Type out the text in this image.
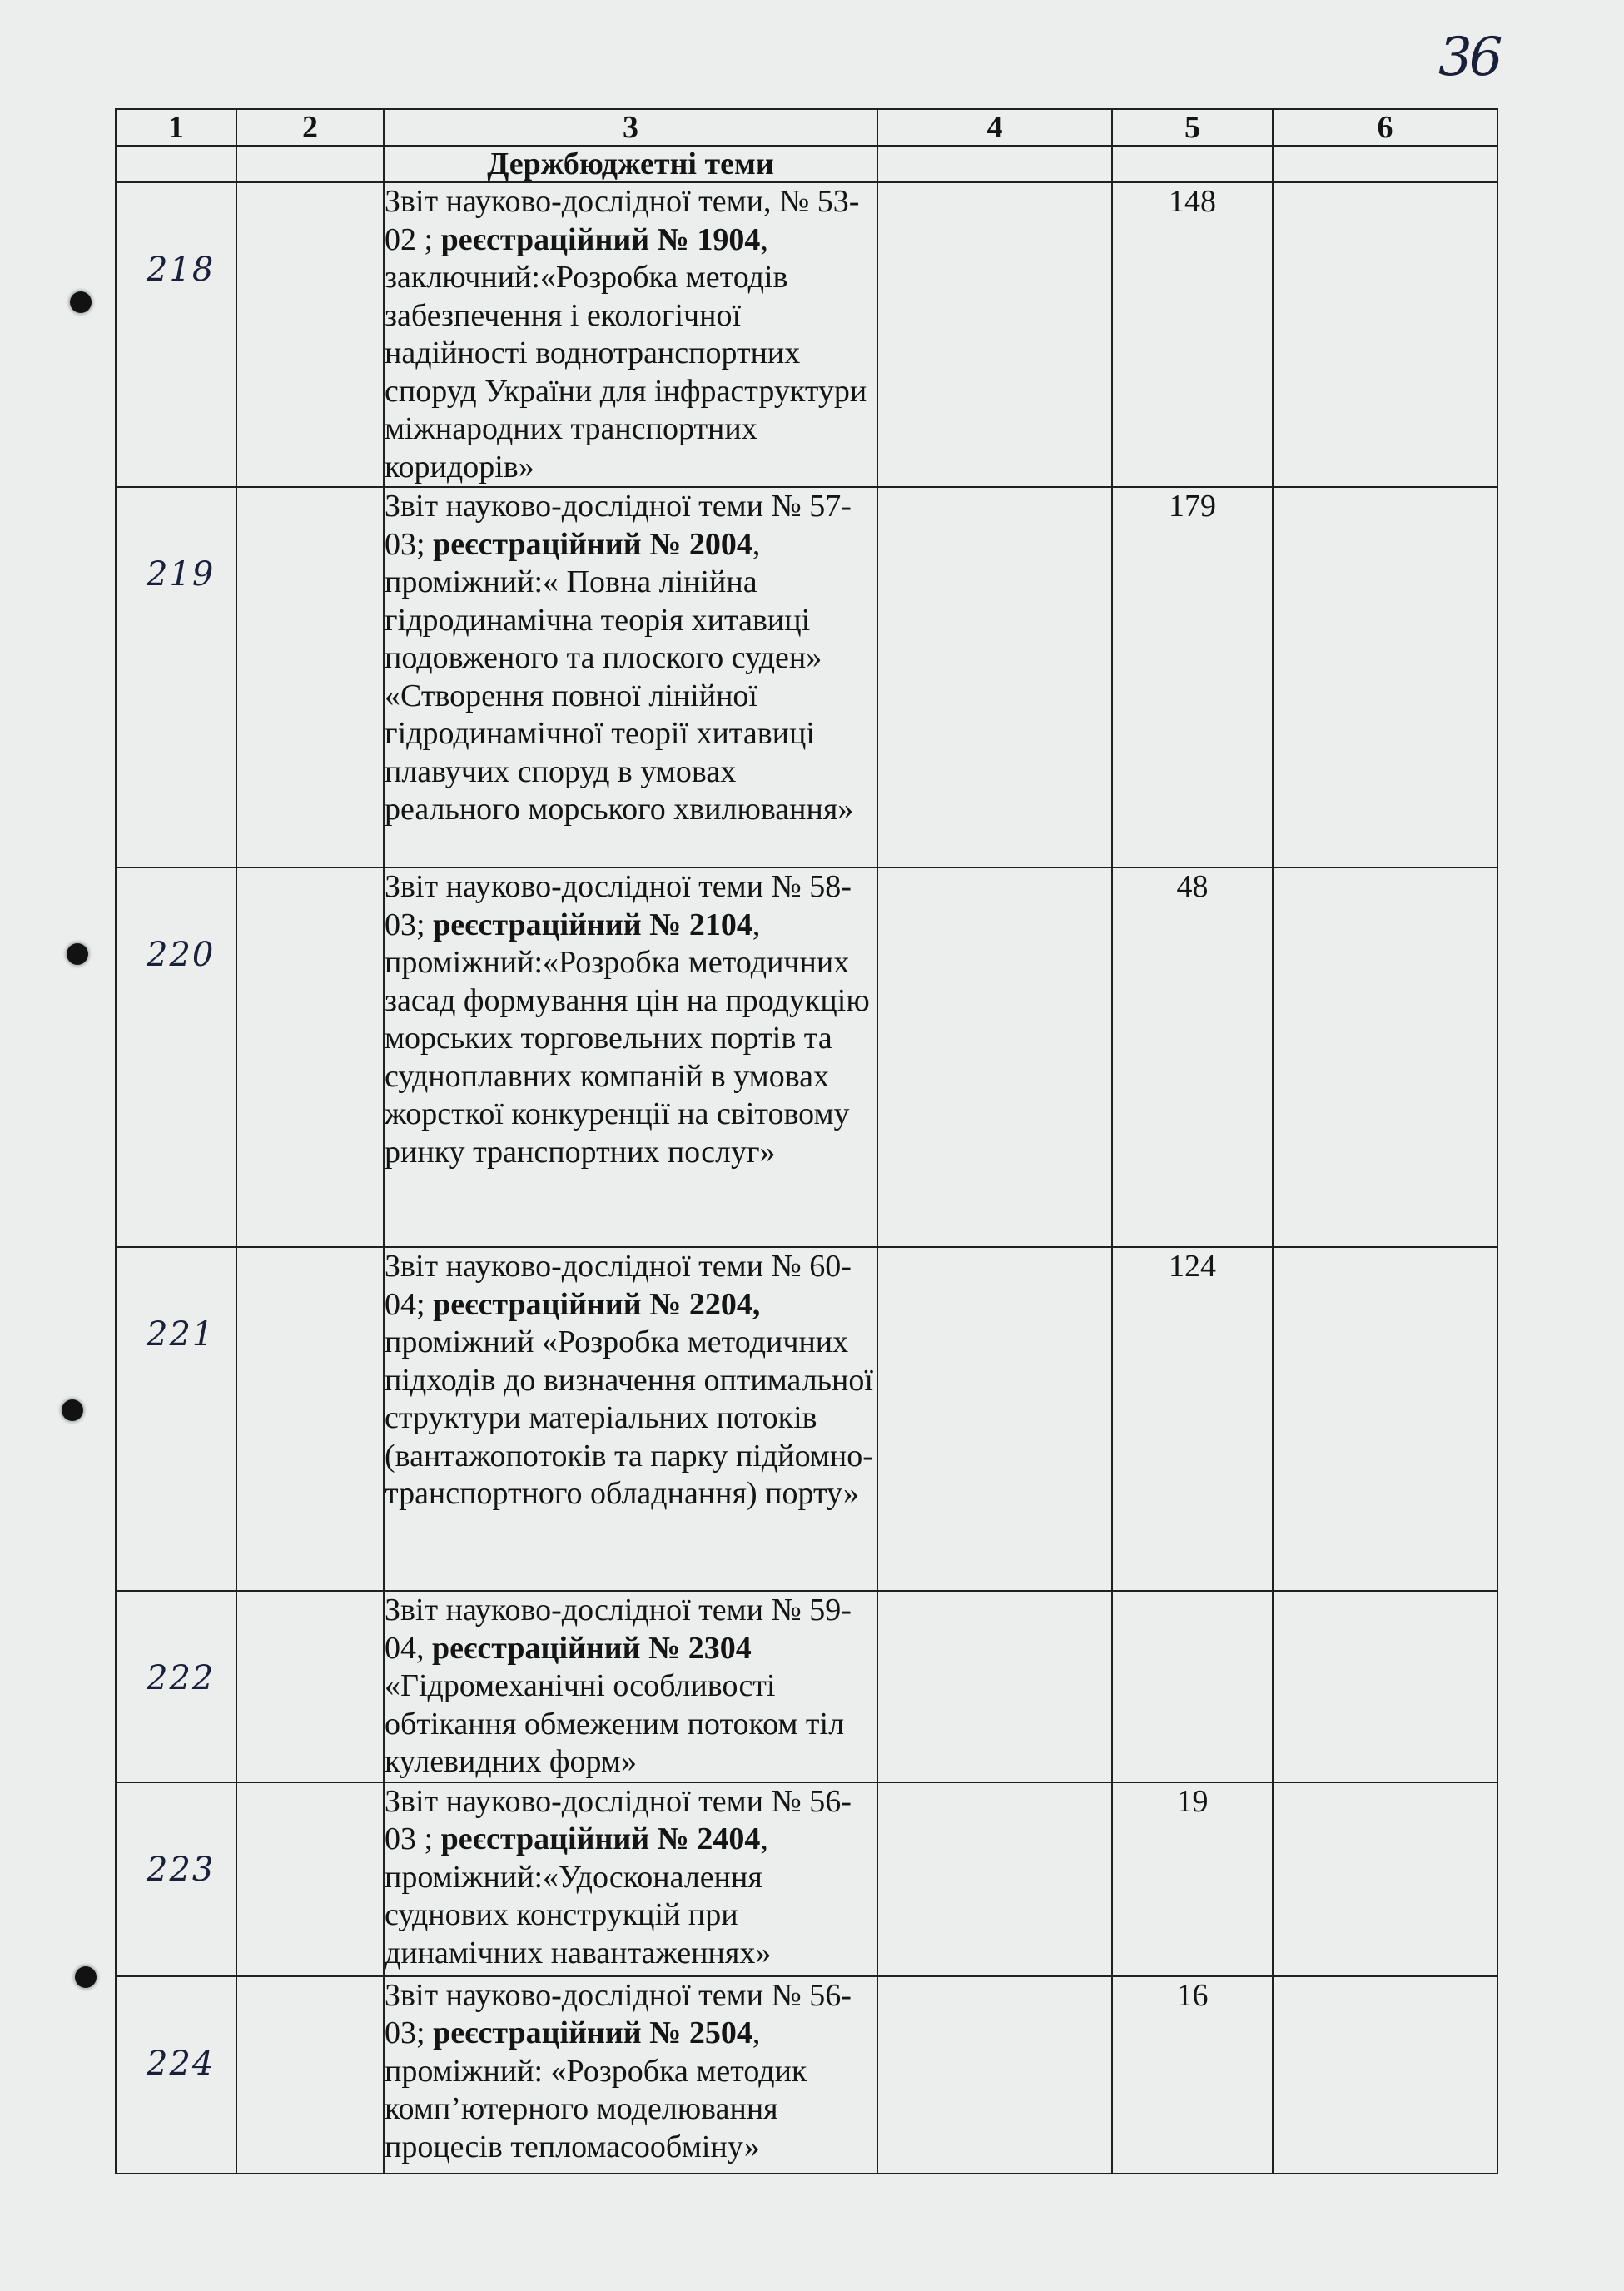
36
1	2	3	4	5	6
		Держбюджетні теми			

218		Звіт науково-дослідної теми, № 53-02 ; реєстраційний № 1904, заключний:«Розробка методів забезпечення і екологічної надійності воднотранспортних споруд України для інфраструктури міжнародних транспортних коридорів»		148	

219		Звіт науково-дослідної теми № 57-03; реєстраційний № 2004, проміжний:« Повна лінійна гідродинамічна теорія хитавиці подовженого та плоского суден» «Створення повної лінійної гідродинамічної теорії хитавиці плавучих споруд в умовах реального морського хвилювання»		179	

220		Звіт науково-дослідної теми № 58-03; реєстраційний № 2104, проміжний:«Розробка методичних засад формування цін на продукцію морських торговельних портів та судноплавних компаній в умовах жорсткої конкуренції на світовому ринку транспортних послуг»		48	

221		Звіт науково-дослідної теми № 60-04; реєстраційний № 2204, проміжний «Розробка методичних підходів до визначення оптимальної структури матеріальних потоків (вантажопотоків та парку підйомно-транспортного обладнання) порту»		124	

222		Звіт науково-дослідної теми № 59-04, реєстраційний № 2304 «Гідромеханічні особливості обтікання обмеженим потоком тіл кулевидних форм»			

223		Звіт науково-дослідної теми № 56-03 ; реєстраційний № 2404, проміжний:«Удосконалення суднових конструкцій при динамічних навантаженнях»		19	

224		Звіт науково-дослідної теми № 56-03; реєстраційний № 2504, проміжний: «Розробка методик комп’ютерного моделювання процесів тепломасообміну»		16	
